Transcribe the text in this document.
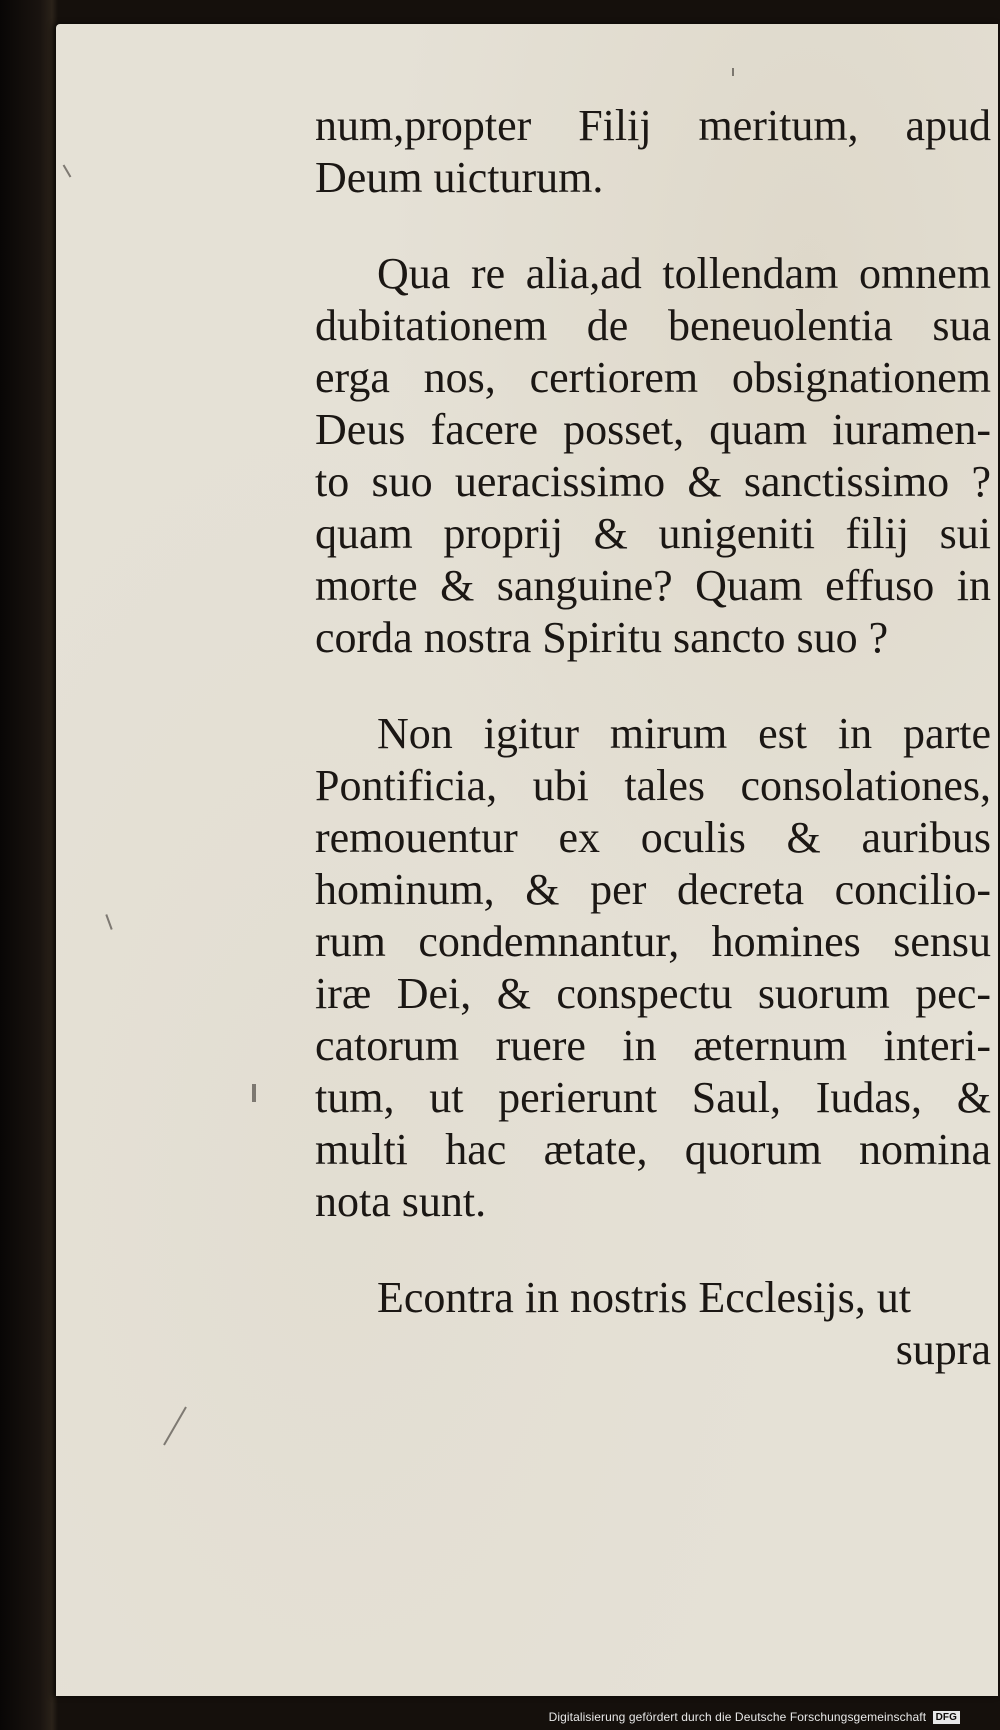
num,propter Filij meritum, apud
Deum uicturum.
Qua re alia,ad tollendam omnem
dubitationem de beneuolentia sua
erga nos, certiorem obsignationem
Deus facere posset, quam iuramen-
to suo ueracissimo & sanctissimo ?
quam proprij & unigeniti filij sui
morte & sanguine? Quam effuso in
corda nostra Spiritu sancto suo ?
Non igitur mirum est in parte
Pontificia, ubi tales consolationes,
remouentur ex oculis & auribus
hominum, & per decreta concilio-
rum condemnantur, homines sensu
iræ Dei, & conspectu suorum pec-
catorum ruere in æternum interi-
tum, ut perierunt Saul, Iudas, &
multi hac ætate, quorum nomina
nota sunt.
Econtra in nostris Ecclesijs, ut
supra
Digitalisierung gefördert durch die Deutsche Forschungsgemeinschaft DFG
